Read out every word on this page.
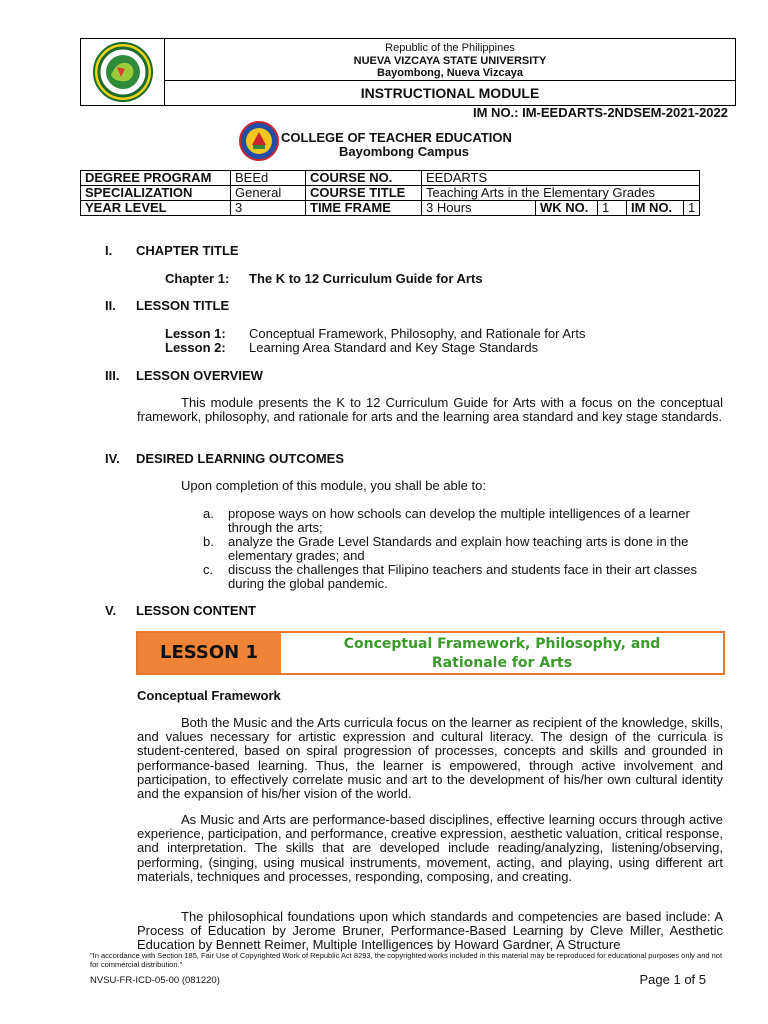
Republic of the Philippines
NUEVA VIZCAYA STATE UNIVERSITY
Bayombong, Nueva Vizcaya
INSTRUCTIONAL MODULE
IM NO.: IM-EEDARTS-2NDSEM-2021-2022
COLLEGE OF TEACHER EDUCATION
Bayombong Campus
DEGREE PROGRAM	BEEd	COURSE NO.	EEDARTS				
SPECIALIZATION	General	COURSE TITLE	Teaching Arts in the Elementary Grades				
YEAR LEVEL	3	TIME FRAME	3 Hours	WK NO.	1	IM NO.	1
I. CHAPTER TITLE
Chapter 1: The K to 12 Curriculum Guide for Arts
II. LESSON TITLE
Lesson 1: Conceptual Framework, Philosophy, and Rationale for Arts
Lesson 2: Learning Area Standard and Key Stage Standards
III. LESSON OVERVIEW
This module presents the K to 12 Curriculum Guide for Arts with a focus on the conceptual framework, philosophy, and rationale for arts and the learning area standard and key stage standards.
IV. DESIRED LEARNING OUTCOMES
Upon completion of this module, you shall be able to:
a. propose ways on how schools can develop the multiple intelligences of a learner through the arts;
b. analyze the Grade Level Standards and explain how teaching arts is done in the elementary grades; and
c. discuss the challenges that Filipino teachers and students face in their art classes during the global pandemic.
V. LESSON CONTENT
LESSON 1	Conceptual Framework, Philosophy, and
Rationale for Arts
Conceptual Framework
Both the Music and the Arts curricula focus on the learner as recipient of the knowledge, skills, and values necessary for artistic expression and cultural literacy. The design of the curricula is student-centered, based on spiral progression of processes, concepts and skills and grounded in performance-based learning. Thus, the learner is empowered, through active involvement and participation, to effectively correlate music and art to the development of his/her own cultural identity and the expansion of his/her vision of the world.
As Music and Arts are performance-based disciplines, effective learning occurs through active experience, participation, and performance, creative expression, aesthetic valuation, critical response, and interpretation. The skills that are developed include reading/analyzing, listening/observing, performing, (singing, using musical instruments, movement, acting, and playing, using different art materials, techniques and processes, responding, composing, and creating.
The philosophical foundations upon which standards and competencies are based include: A Process of Education by Jerome Bruner, Performance-Based Learning by Cleve Miller, Aesthetic Education by Bennett Reimer, Multiple Intelligences by Howard Gardner, A Structure
"In accordance with Section 185, Fair Use of Copyrighted Work of Republic Act 8293, the copyrighted works included in this material may be reproduced for educational purposes only and not for commercial distribution."
NVSU-FR-ICD-05-00 (081220)	Page 1 of 5
